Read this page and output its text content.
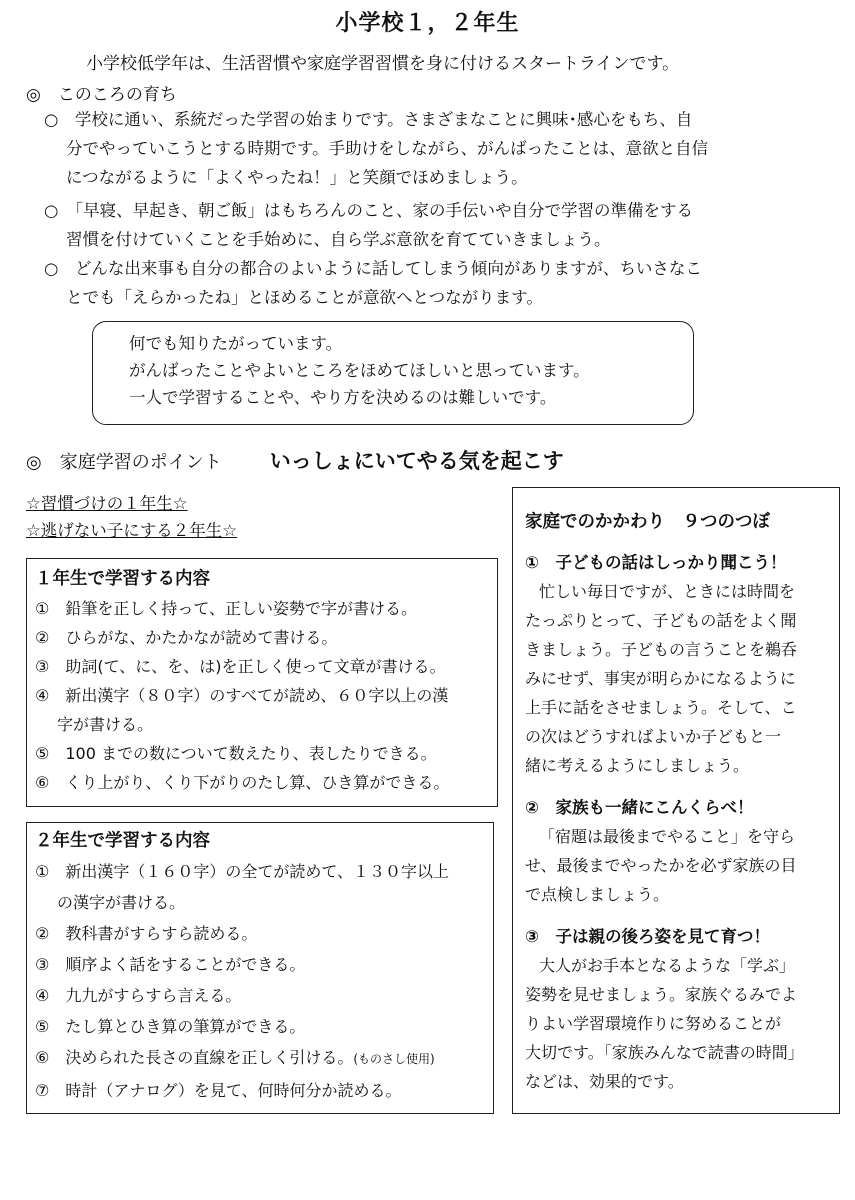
小学校１，２年生
小学校低学年は、生活習慣や家庭学習習慣を身に付けるスタートラインです。
◎　このころの育ち
○　学校に通い、系統だった学習の始まりです。さまざまなことに興味･感心をもち、自
分でやっていこうとする時期です。手助けをしながら、がんばったことは、意欲と自信
につながるように「よくやったね！」と笑顔でほめましょう。
○　「早寝、早起き、朝ご飯」はもちろんのこと、家の手伝いや自分で学習の準備をする
習慣を付けていくことを手始めに、自ら学ぶ意欲を育てていきましょう。
○　どんな出来事も自分の都合のよいように話してしまう傾向がありますが、ちいさなこ
とでも「えらかったね」とほめることが意欲へとつながります。
何でも知りたがっています。
がんばったことやよいところをほめてほしいと思っています。
一人で学習することや、やり方を決めるのは難しいです。
◎　家庭学習のポイント いっしょにいてやる気を起こす
☆習慣づけの１年生☆
☆逃げない子にする２年生☆
１年生で学習する内容
①　鉛筆を正しく持って、正しい姿勢で字が書ける。
②　ひらがな、かたかなが読めて書ける。
③　助詞(て、に、を、は)を正しく使って文章が書ける。
④　新出漢字（８０字）のすべてが読め、６０字以上の漢
字が書ける。
⑤　100 までの数について数えたり、表したりできる。
⑥　くり上がり、くり下がりのたし算、ひき算ができる。
２年生で学習する内容
①　新出漢字（１６０字）の全てが読めて、１３０字以上
の漢字が書ける。
②　教科書がすらすら読める。
③　順序よく話をすることができる。
④　九九がすらすら言える。
⑤　たし算とひき算の筆算ができる。
⑥　決められた長さの直線を正しく引ける。(ものさし使用)
⑦　時計（アナログ）を見て、何時何分か読める。
家庭でのかかわり　９つのつぼ
①　子どもの話はしっかり聞こう！
忙しい毎日ですが、ときには時間を
たっぷりとって、子どもの話をよく聞
きましょう。子どもの言うことを鵜呑
みにせず、事実が明らかになるように
上手に話をさせましょう。そして、こ
の次はどうすればよいか子どもと一
緒に考えるようにしましょう。
②　家族も一緒にこんくらべ！
「宿題は最後までやること」を守ら
せ、最後までやったかを必ず家族の目
で点検しましょう。
③　子は親の後ろ姿を見て育つ！
大人がお手本となるような「学ぶ」
姿勢を見せましょう。家族ぐるみでよ
りよい学習環境作りに努めることが
大切です。「家族みんなで読書の時間」
などは、効果的です。
